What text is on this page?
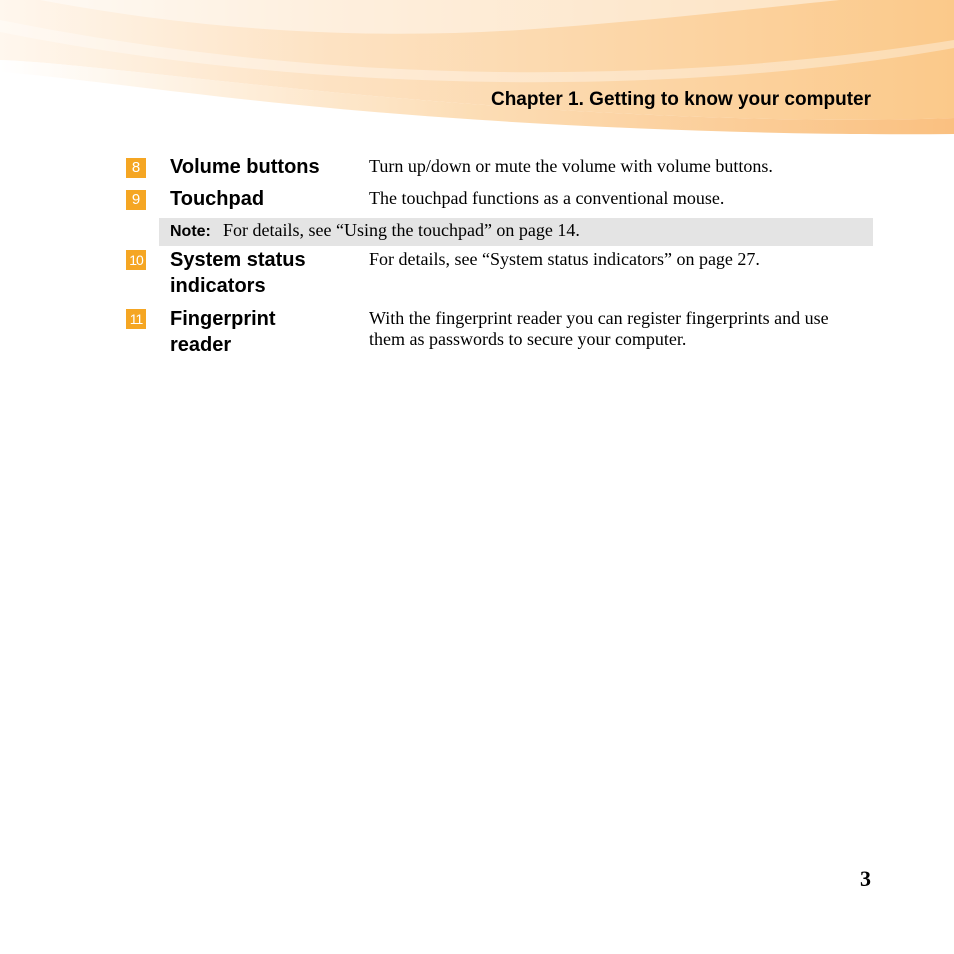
Chapter 1. Getting to know your computer
8 Volume buttons	Turn up/down or mute the volume with volume buttons.
9 Touchpad	The touchpad functions as a conventional mouse.
Note: For details, see “Using the touchpad” on page 14.
10 System status indicators
For details, see “System status indicators” on page 27.
11 Fingerprint reader
With the fingerprint reader you can register fingerprints and use them as passwords to secure your computer.
3
